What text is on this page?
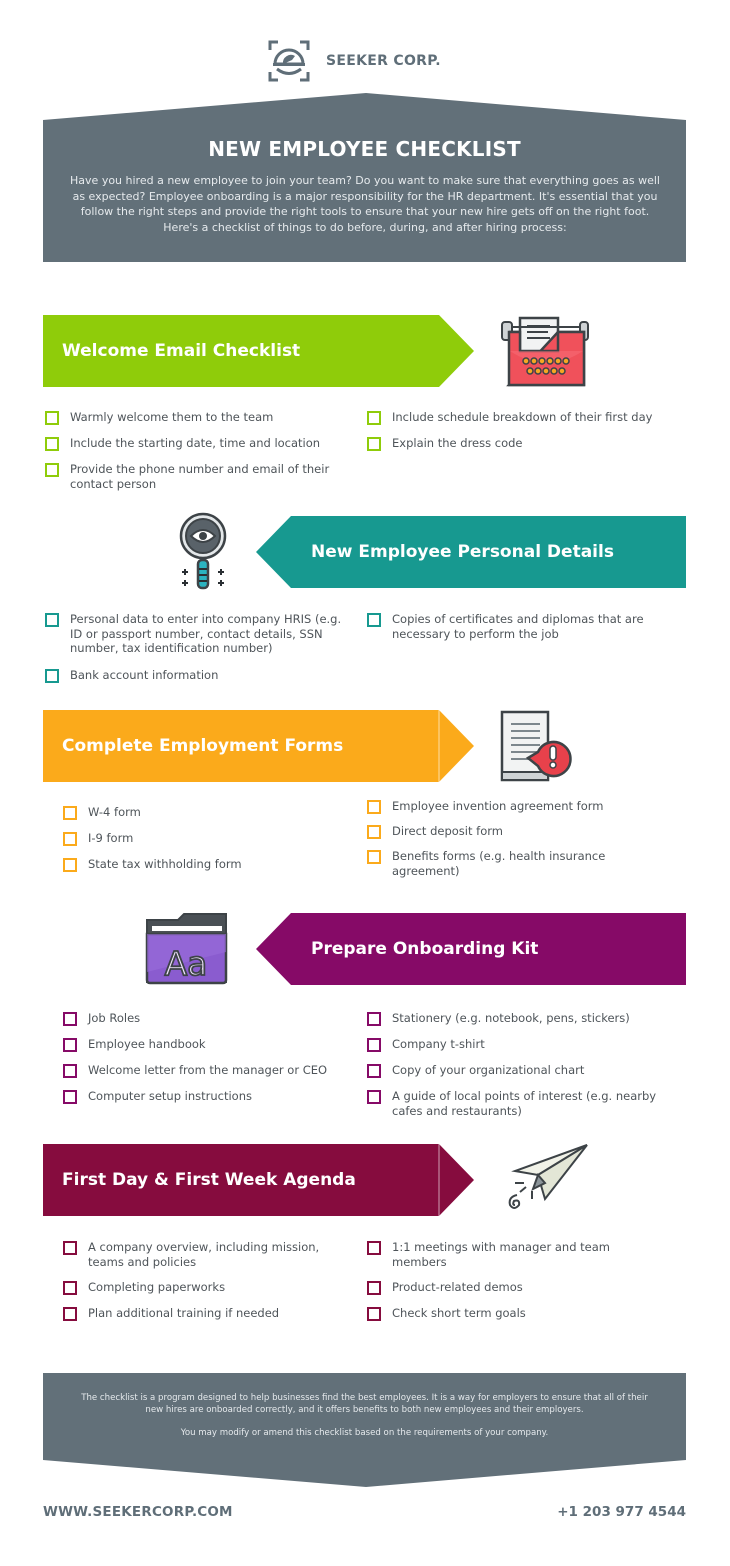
SEEKER CORP.
NEW EMPLOYEE CHECKLIST
Have you hired a new employee to join your team? Do you want to make sure that everything goes as well as expected? Employee onboarding is a major responsibility for the HR department. It's essential that you follow the right steps and provide the right tools to ensure that your new hire gets off on the right foot. Here's a checklist of things to do before, during, and after hiring process:
Welcome Email Checklist
Warmly welcome them to the team
Include the starting date, time and location
Provide the phone number and email of their contact person
Include schedule breakdown of their first day
Explain the dress code
New Employee Personal Details
Personal data to enter into company HRIS (e.g. ID or passport number, contact details, SSN number, tax identification number)
Bank account information
Copies of certificates and diplomas that are necessary to perform the job
Complete Employment Forms
W-4 form
I-9 form
State tax withholding form
Employee invention agreement form
Direct deposit form
Benefits forms (e.g. health insurance agreement)
Aa	Prepare Onboarding Kit
Job Roles
Employee handbook
Welcome letter from the manager or CEO
Computer setup instructions
Stationery (e.g. notebook, pens, stickers)
Company t-shirt
Copy of your organizational chart
A guide of local points of interest (e.g. nearby cafes and restaurants)
First Day & First Week Agenda
A company overview, including mission, teams and policies
Completing paperworks
Plan additional training if needed
1:1 meetings with manager and team members
Product-related demos
Check short term goals
The checklist is a program designed to help businesses find the best employees. It is a way for employers to ensure that all of their new hires are onboarded correctly, and it offers benefits to both new employees and their employers.
You may modify or amend this checklist based on the requirements of your company.
WWW.SEEKERCORP.COM	+1 203 977 4544
